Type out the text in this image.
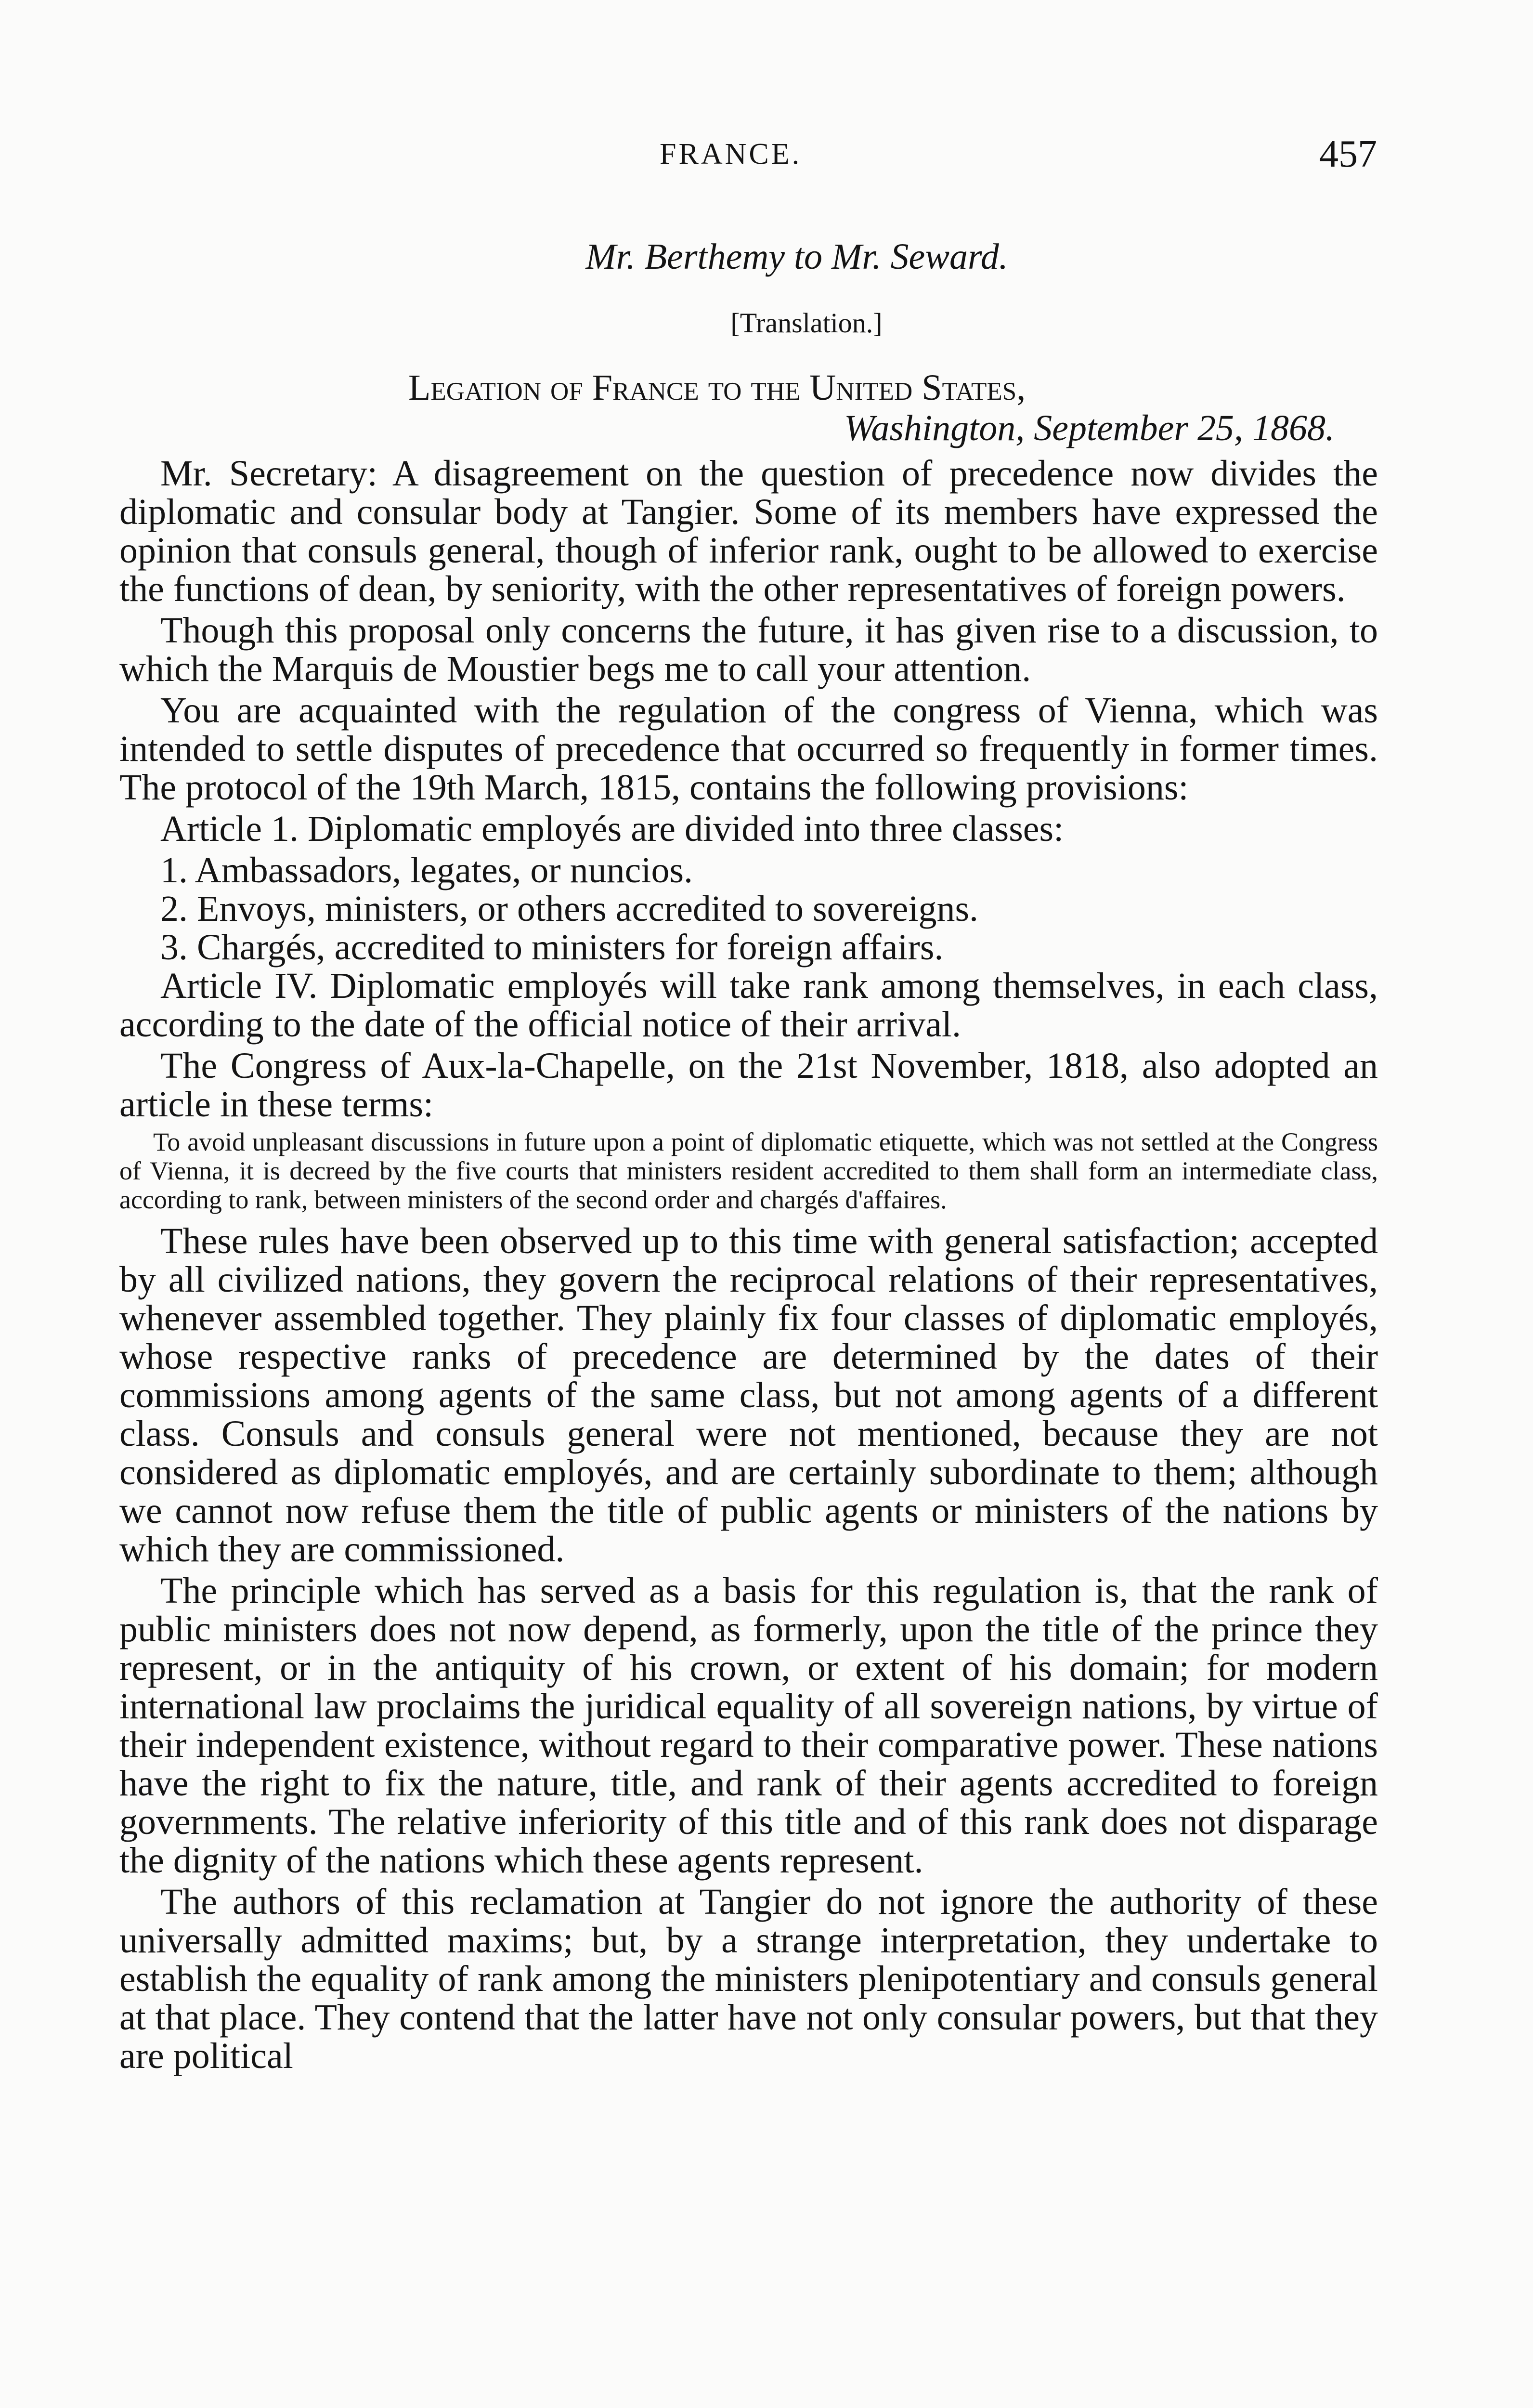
FRANCE.	457
Mr. Berthemy to Mr. Seward.
[Translation.]
Legation of France to the United States,
Washington, September 25, 1868.

Mr. Secretary: A disagreement on the question of precedence now divides the diplomatic and consular body at Tangier. Some of its members have expressed the opinion that consuls general, though of inferior rank, ought to be allowed to exercise the functions of dean, by seniority, with the other representatives of foreign powers.

Though this proposal only concerns the future, it has given rise to a discussion, to which the Marquis de Moustier begs me to call your attention.

You are acquainted with the regulation of the congress of Vienna, which was intended to settle disputes of precedence that occurred so frequently in former times. The protocol of the 19th March, 1815, contains the following provisions:

Article 1. Diplomatic employés are divided into three classes:

1. Ambassadors, legates, or nuncios.

2. Envoys, ministers, or others accredited to sovereigns.

3. Chargés, accredited to ministers for foreign affairs.

Article IV. Diplomatic employés will take rank among themselves, in each class, according to the date of the official notice of their arrival.

The Congress of Aux-la-Chapelle, on the 21st November, 1818, also adopted an article in these terms:

To avoid unpleasant discussions in future upon a point of diplomatic etiquette, which was not settled at the Congress of Vienna, it is decreed by the five courts that ministers resident accredited to them shall form an intermediate class, according to rank, between ministers of the second order and chargés d'affaires.

These rules have been observed up to this time with general satisfaction; accepted by all civilized nations, they govern the reciprocal relations of their representatives, whenever assembled together. They plainly fix four classes of diplomatic employés, whose respective ranks of precedence are determined by the dates of their commissions among agents of the same class, but not among agents of a different class. Consuls and consuls general were not mentioned, because they are not considered as diplomatic employés, and are certainly subordinate to them; although we cannot now refuse them the title of public agents or ministers of the nations by which they are commissioned.

The principle which has served as a basis for this regulation is, that the rank of public ministers does not now depend, as formerly, upon the title of the prince they represent, or in the antiquity of his crown, or extent of his domain; for modern international law proclaims the juridical equality of all sovereign nations, by virtue of their independent existence, without regard to their comparative power. These nations have the right to fix the nature, title, and rank of their agents accredited to foreign governments. The relative inferiority of this title and of this rank does not disparage the dignity of the nations which these agents represent.

The authors of this reclamation at Tangier do not ignore the authority of these universally admitted maxims; but, by a strange interpretation, they undertake to establish the equality of rank among the ministers plenipotentiary and consuls general at that place. They contend that the latter have not only consular powers, but that they are political
